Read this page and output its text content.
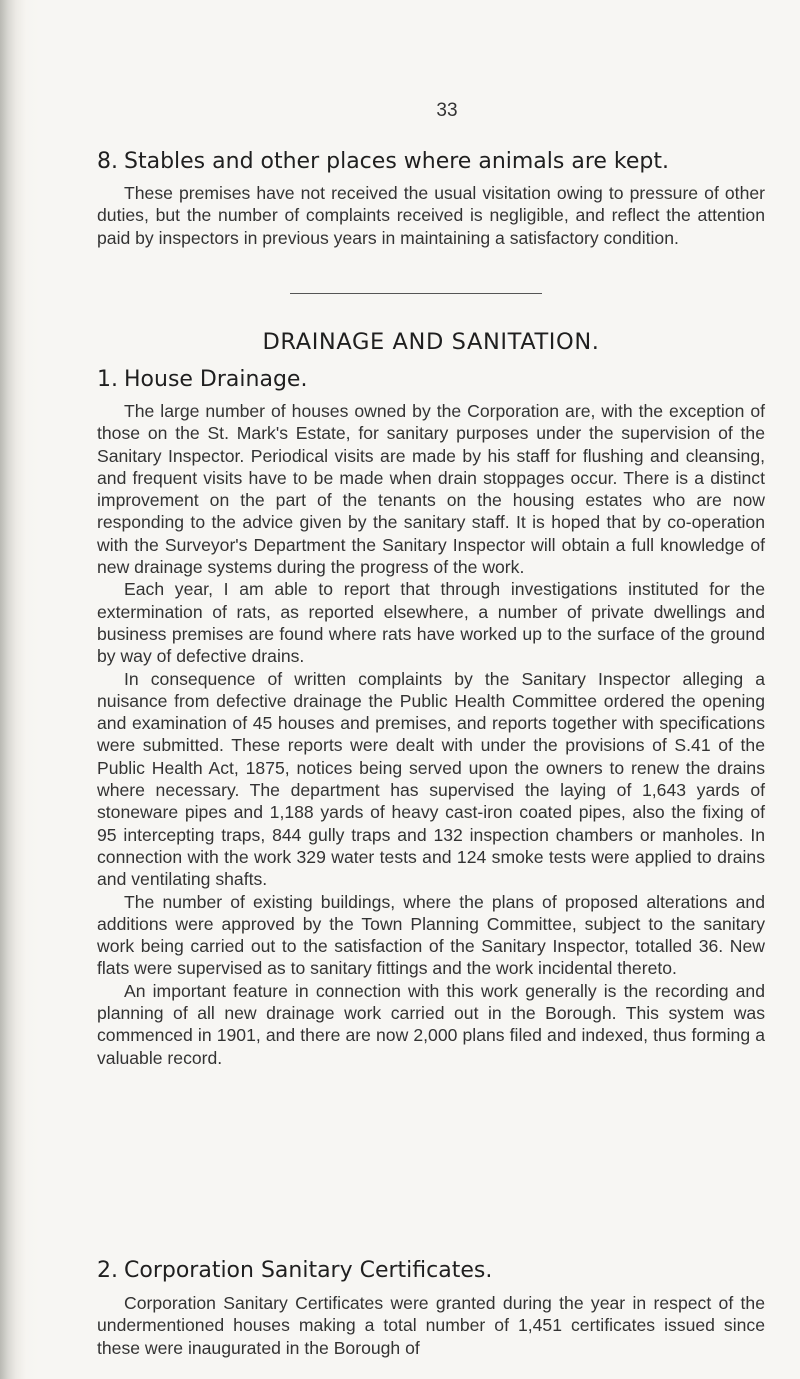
33
8. Stables and other places where animals are kept.

These premises have not received the usual visitation owing to pressure of other duties, but the number of complaints received is negligible, and reflect the attention paid by inspectors in previous years in maintaining a satisfactory condition.

DRAINAGE AND SANITATION.
1. House Drainage.

The large number of houses owned by the Corporation are, with the exception of those on the St. Mark's Estate, for sanitary purposes under the supervision of the Sanitary Inspector. Periodical visits are made by his staff for flushing and cleansing, and frequent visits have to be made when drain stoppages occur. There is a distinct improvement on the part of the tenants on the housing estates who are now responding to the advice given by the sanitary staff. It is hoped that by co-operation with the Surveyor's Department the Sanitary Inspector will obtain a full knowledge of new drainage systems during the progress of the work.

Each year, I am able to report that through investigations instituted for the extermination of rats, as reported elsewhere, a number of private dwellings and business premises are found where rats have worked up to the surface of the ground by way of defective drains.

In consequence of written complaints by the Sanitary Inspector alleging a nuisance from defective drainage the Public Health Committee ordered the opening and examination of 45 houses and premises, and reports together with specifications were submitted. These reports were dealt with under the provisions of S.41 of the Public Health Act, 1875, notices being served upon the owners to renew the drains where necessary. The department has supervised the laying of 1,643 yards of stoneware pipes and 1,188 yards of heavy cast-iron coated pipes, also the fixing of 95 intercepting traps, 844 gully traps and 132 inspection chambers or manholes. In connection with the work 329 water tests and 124 smoke tests were applied to drains and ventilating shafts.

The number of existing buildings, where the plans of proposed alterations and additions were approved by the Town Planning Committee, subject to the sanitary work being carried out to the satisfaction of the Sanitary Inspector, totalled 36. New flats were supervised as to sanitary fittings and the work incidental thereto.

An important feature in connection with this work generally is the recording and planning of all new drainage work carried out in the Borough. This system was commenced in 1901, and there are now 2,000 plans filed and indexed, thus forming a valuable record.

2. Corporation Sanitary Certificates.

Corporation Sanitary Certificates were granted during the year in respect of the undermentioned houses making a total number of 1,451 certificates issued since these were inaugurated in the Borough of
